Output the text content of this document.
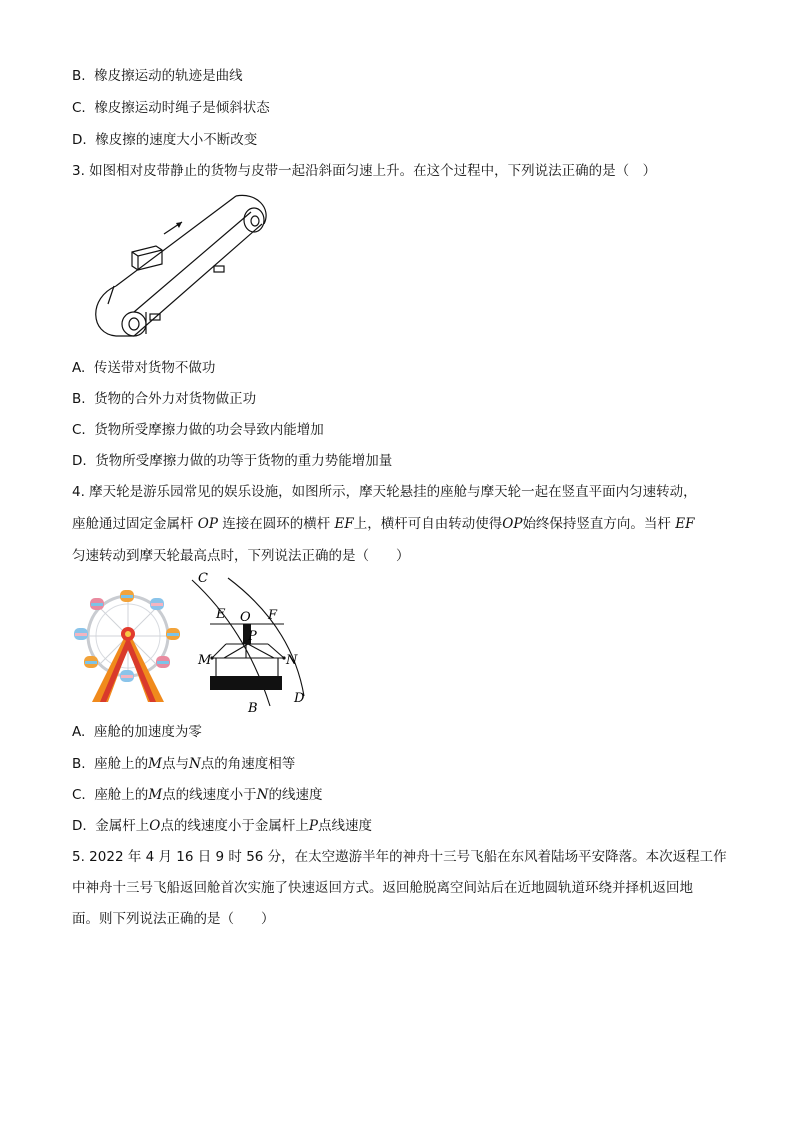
B. 橡皮擦运动的轨迹是曲线
C. 橡皮擦运动时绳子是倾斜状态
D. 橡皮擦的速度大小不断改变
3. 如图相对皮带静止的货物与皮带一起沿斜面匀速上升。在这个过程中，下列说法正确的是（　）
A. 传送带对货物不做功
B. 货物的合外力对货物做正功
C. 货物所受摩擦力做的功会导致内能增加
D. 货物所受摩擦力做的功等于货物的重力势能增加量
4. 摩天轮是游乐园常见的娱乐设施，如图所示，摩天轮悬挂的座舱与摩天轮一起在竖直平面内匀速转动，
座舱通过固定金属杆 OP 连接在圆环的横杆 EF上，横杆可自由转动使得OP始终保持竖直方向。当杆 EF
匀速转动到摩天轮最高点时，下列说法正确的是（　　）
C
E O F
P
M	N
B
D
A. 座舱的加速度为零
B. 座舱上的M点与N点的角速度相等
C. 座舱上的M点的线速度小于N的线速度
D. 金属杆上O点的线速度小于金属杆上P点线速度
5. 2022 年 4 月 16 日 9 时 56 分，在太空遨游半年的神舟十三号飞船在东风着陆场平安降落。本次返程工作
中神舟十三号飞船返回舱首次实施了快速返回方式。返回舱脱离空间站后在近地圆轨道环绕并择机返回地
面。则下列说法正确的是（　　）
